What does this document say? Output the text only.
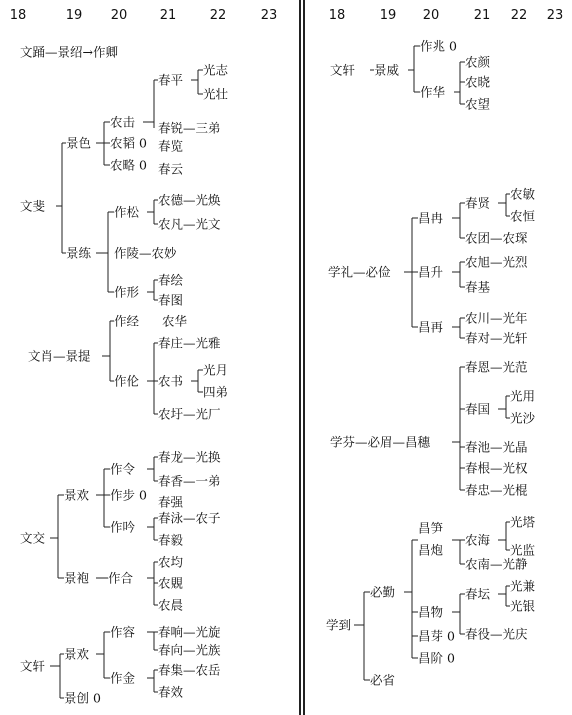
18	19	20	21	22	23	18	19	20	21	22	23
文踊—景绍→作卿
文斐
景色
农击
春平
光志
光壮
春锐—三弟
农韬 0 春览
农略 0 春云
景练
作松
农德—光焕
农凡—光文
作陵—农妙
作形
春绘
春图
文肖—景提
作经 农华
作伦
春庄—光雅
农书
光月
四弟
农圩—光厂
文交
景欢
作令
春龙—光换
春香—一弟
作步 0 春强
作吟
春泳—农子
春毅
景袍 作合
农均
农覞
农晨
文轩
景欢
景创 0
作容 春响—光旋
春向—光族
作金
春集—农岳
春效
文轩 景威
作兆 0
作华
农颜
农晓
农望
学礼—必俭
昌冉
春贤
农敏
农恒
农团—农琛
昌升
农旭—光烈
春基
昌再
农川—光年
春对—光轩
学芬—必眉—昌穗
春恩—光范
春国
光用
光沙
春池—光晶
春根—光权
春忠—光棍
学到
必勤
昌笋
昌炮
农海
光塔
光监
农南—光静
昌物
春坛
光兼
光银
春役—光庆
昌芽 0
昌阶 0
必省
